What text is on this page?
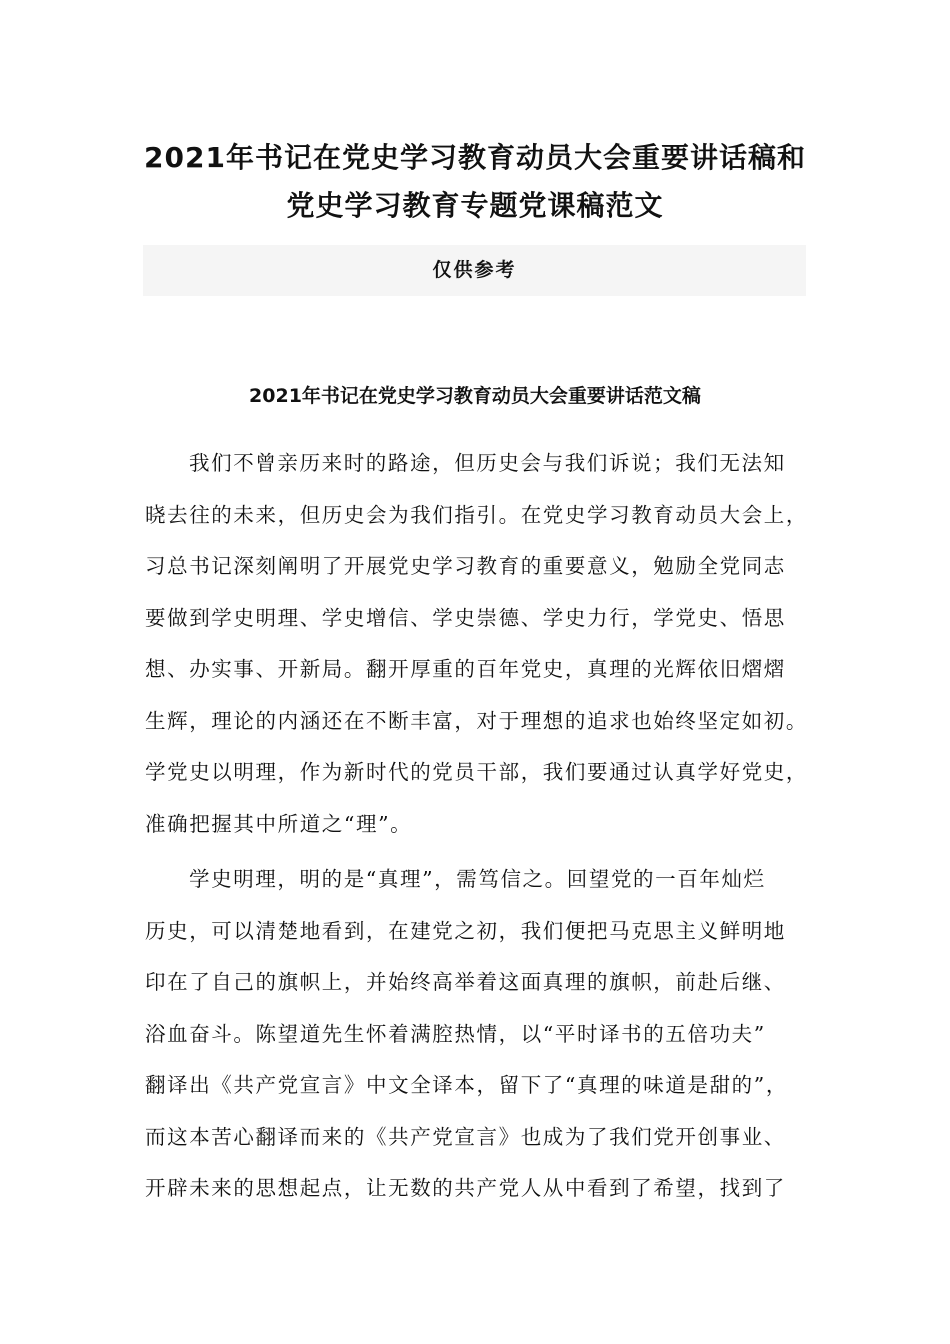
2021年书记在党史学习教育动员大会重要讲话稿和
党史学习教育专题党课稿范文
仅供参考
2021年书记在党史学习教育动员大会重要讲话范文稿
我们不曾亲历来时的路途，但历史会与我们诉说；我们无法知
晓去往的未来，但历史会为我们指引。在党史学习教育动员大会上，
习总书记深刻阐明了开展党史学习教育的重要意义，勉励全党同志
要做到学史明理、学史增信、学史崇德、学史力行，学党史、悟思
想、办实事、开新局。翻开厚重的百年党史，真理的光辉依旧熠熠
生辉，理论的内涵还在不断丰富，对于理想的追求也始终坚定如初。
学党史以明理，作为新时代的党员干部，我们要通过认真学好党史，
准确把握其中所道之“理”。
学史明理，明的是“真理”，需笃信之。回望党的一百年灿烂
历史，可以清楚地看到，在建党之初，我们便把马克思主义鲜明地
印在了自己的旗帜上，并始终高举着这面真理的旗帜，前赴后继、
浴血奋斗。陈望道先生怀着满腔热情，以“平时译书的五倍功夫”
翻译出《共产党宣言》中文全译本，留下了“真理的味道是甜的”，
而这本苦心翻译而来的《共产党宣言》也成为了我们党开创事业、
开辟未来的思想起点，让无数的共产党人从中看到了希望，找到了
